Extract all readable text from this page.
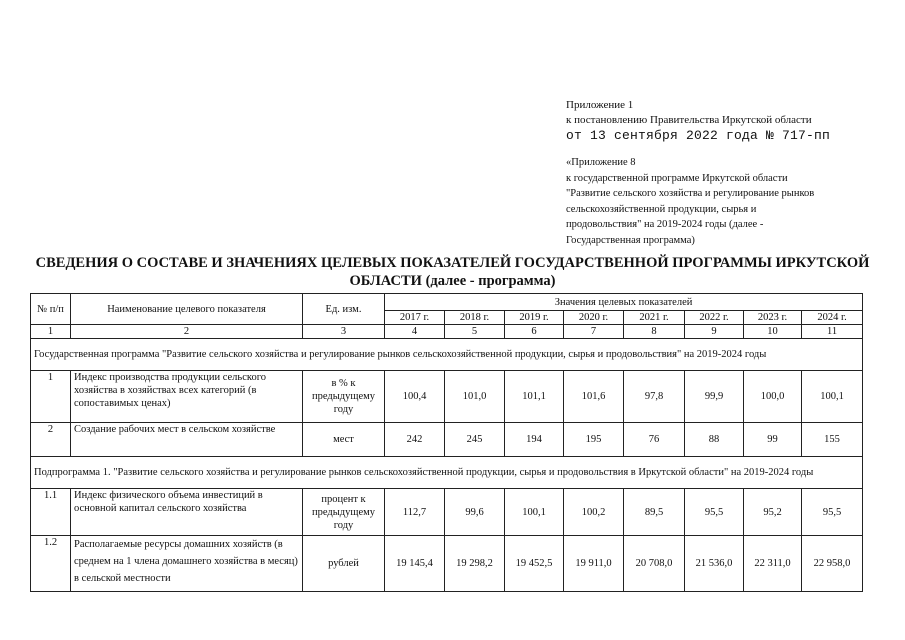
Приложение 1
к постановлению Правительства Иркутской области
от 13 сентября 2022 года № 717-пп
«Приложение 8
к государственной программе Иркутской области
"Развитие сельского хозяйства и регулирование рынков
сельскохозяйственной продукции, сырья и
продовольствия" на 2019-2024 годы (далее -
Государственная программа)
СВЕДЕНИЯ О СОСТАВЕ И ЗНАЧЕНИЯХ ЦЕЛЕВЫХ ПОКАЗАТЕЛЕЙ ГОСУДАРСТВЕННОЙ ПРОГРАММЫ ИРКУТСКОЙ
ОБЛАСТИ (далее - программа)
№ п/п	Наименование целевого показателя	Ед. изм.	Значения целевых показателей							
			2017 г.	2018 г.	2019 г.	2020 г.	2021 г.	2022 г.	2023 г.	2024 г.
1	2	3	4	5	6	7	8	9	10	11
Государственная программа "Развитие сельского хозяйства и регулирование рынков сельскохозяйственной продукции, сырья и продовольствия" на 2019-2024 годы										
1	Индекс производства продукции сельского хозяйства в хозяйствах всех категорий (в сопоставимых ценах)	в % к предыдущему году	100,4	101,0	101,1	101,6	97,8	99,9	100,0	100,1
2	Создание рабочих мест в сельском хозяйстве	мест	242	245	194	195	76	88	99	155
Подпрограмма 1. "Развитие сельского хозяйства и регулирование рынков сельскохозяйственной продукции, сырья и продовольствия в Иркутской области" на 2019-2024 годы										
1.1	Индекс физического объема инвестиций в основной капитал сельского хозяйства	процент к предыдущему году	112,7	99,6	100,1	100,2	89,5	95,5	95,2	95,5
1.2	Располагаемые ресурсы домашних хозяйств (в среднем на 1 члена домашнего хозяйства в месяц) в сельской местности	рублей	19 145,4	19 298,2	19 452,5	19 911,0	20 708,0	21 536,0	22 311,0	22 958,0
